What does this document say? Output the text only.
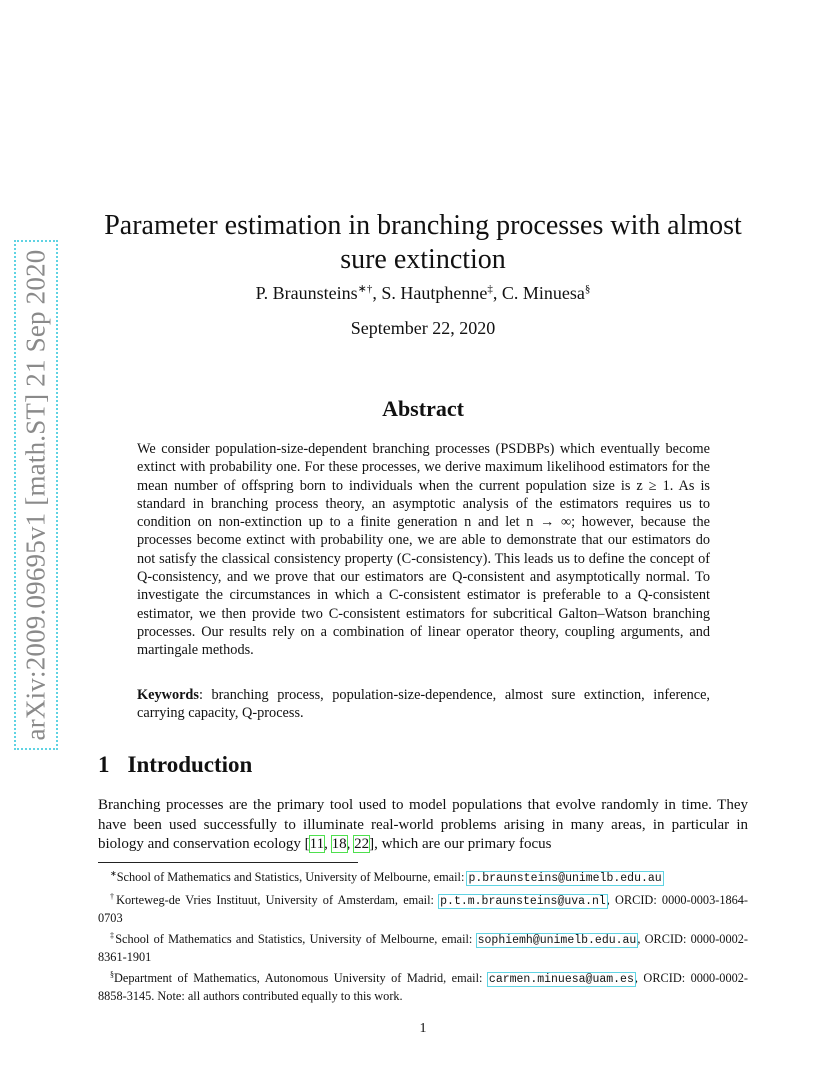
arXiv:2009.09695v1 [math.ST] 21 Sep 2020
Parameter estimation in branching processes with almost sure extinction
P. Braunsteins∗†, S. Hautphenne‡, C. Minuesa§
September 22, 2020
Abstract

We consider population-size-dependent branching processes (PSDBPs) which eventually become extinct with probability one. For these processes, we derive maximum likelihood estimators for the mean number of offspring born to individuals when the current population size is z ≥ 1. As is standard in branching process theory, an asymptotic analysis of the estimators requires us to condition on non-extinction up to a finite generation n and let n → ∞; however, because the processes become extinct with probability one, we are able to demonstrate that our estimators do not satisfy the classical consistency property (C-consistency). This leads us to define the concept of Q-consistency, and we prove that our estimators are Q-consistent and asymptotically normal. To investigate the circumstances in which a C-consistent estimator is preferable to a Q-consistent estimator, we then provide two C-consistent estimators for subcritical Galton–Watson branching processes. Our results rely on a combination of linear operator theory, coupling arguments, and martingale methods.

Keywords: branching process, population-size-dependence, almost sure extinction, inference, carrying capacity, Q-process.

1 Introduction

Branching processes are the primary tool used to model populations that evolve randomly in time. They have been used successfully to illuminate real-world problems arising in many areas, in particular in biology and conservation ecology [11, 18, 22], which are our primary focus

∗School of Mathematics and Statistics, University of Melbourne, email: p.braunsteins@unimelb.edu.au

†Korteweg-de Vries Instituut, University of Amsterdam, email: p.t.m.braunsteins@uva.nl, ORCID: 0000-0003-1864-0703

‡School of Mathematics and Statistics, University of Melbourne, email: sophiemh@unimelb.edu.au, ORCID: 0000-0002-8361-1901

§Department of Mathematics, Autonomous University of Madrid, email: carmen.minuesa@uam.es, ORCID: 0000-0002-8858-3145. Note: all authors contributed equally to this work.

1
